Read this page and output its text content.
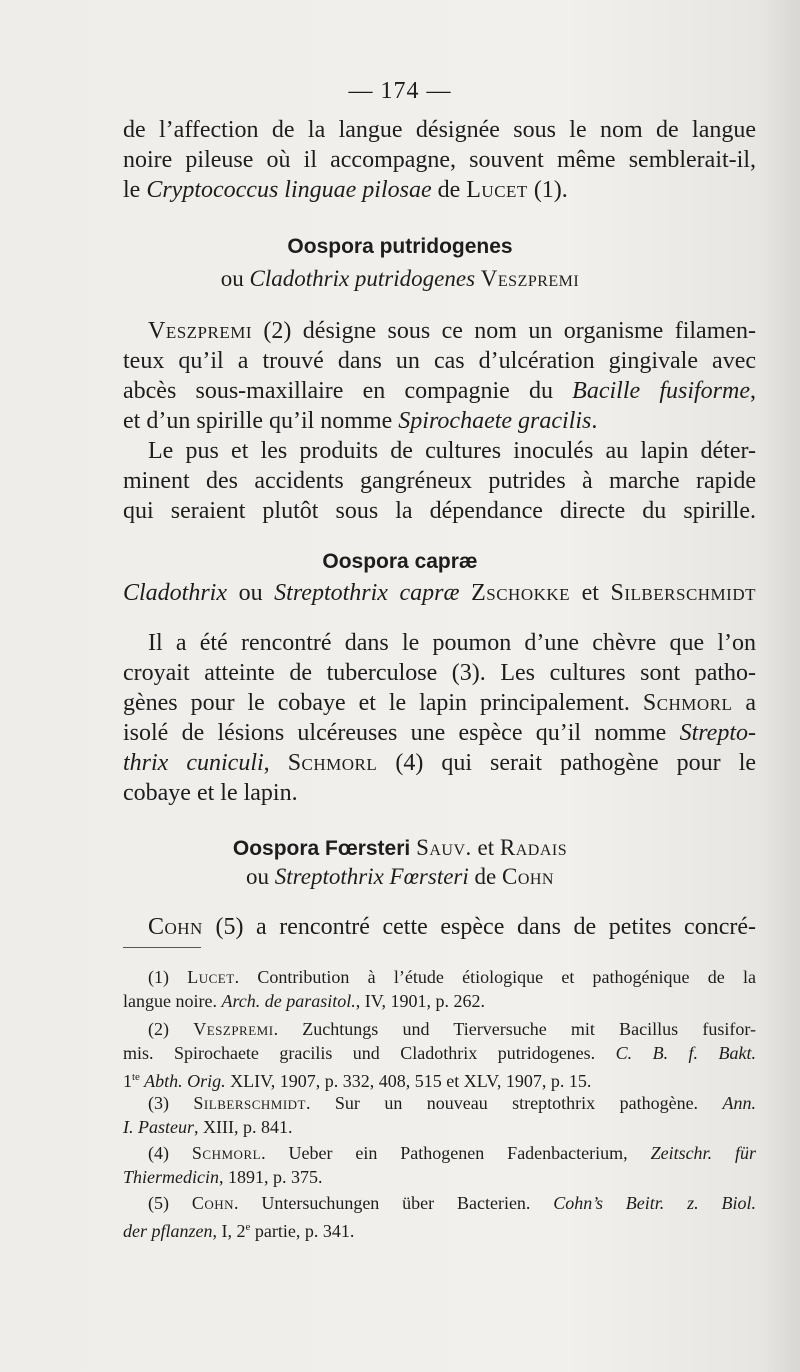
— 174 —
de l’affection de la langue désignée sous le nom de langue
noire pileuse où il accompagne, souvent même semblerait-il,
le Cryptococcus linguae pilosae de Lucet (1).
Oospora putridogenes
ou Cladothrix putridogenes Veszpremi
Veszpremi (2) désigne sous ce nom un organisme filamen-
teux qu’il a trouvé dans un cas d’ulcération gingivale avec
abcès sous-maxillaire en compagnie du Bacille fusiforme,
et d’un spirille qu’il nomme Spirochaete gracilis.
Le pus et les produits de cultures inoculés au lapin déter-
minent des accidents gangréneux putrides à marche rapide
qui seraient plutôt sous la dépendance directe du spirille.
Oospora capræ
Cladothrix ou Streptothrix capræ Zschokke et Silberschmidt
Il a été rencontré dans le poumon d’une chèvre que l’on
croyait atteinte de tuberculose (3). Les cultures sont patho-
gènes pour le cobaye et le lapin principalement. Schmorl a
isolé de lésions ulcéreuses une espèce qu’il nomme Strepto-
thrix cuniculi, Schmorl (4) qui serait pathogène pour le
cobaye et le lapin.
Oospora Fœrsteri Sauv. et Radais
ou Streptothrix Fœrsteri de Cohn
Cohn (5) a rencontré cette espèce dans de petites concré-
(1) Lucet. Contribution à l’étude étiologique et pathogénique de la
langue noire. Arch. de parasitol., IV, 1901, p. 262.
(2) Veszpremi. Zuchtungs und Tierversuche mit Bacillus fusifor-
mis. Spirochaete gracilis und Cladothrix putridogenes. C. B. f. Bakt.
$1^{te}$ Abth. Orig. XLIV, 1907, p. 332, 408, 515 et XLV, 1907, p. 15.
(3) Silberschmidt. Sur un nouveau streptothrix pathogène. Ann.
I. Pasteur, XIII, p. 841.
(4) Schmorl. Ueber ein Pathogenen Fadenbacterium, Zeitschr. für
Thiermedicin, 1891, p. 375.
(5) Cohn. Untersuchungen über Bacterien. Cohn’s Beitr. z. Biol.
der pflanzen, I, 2e partie, p. 341.
